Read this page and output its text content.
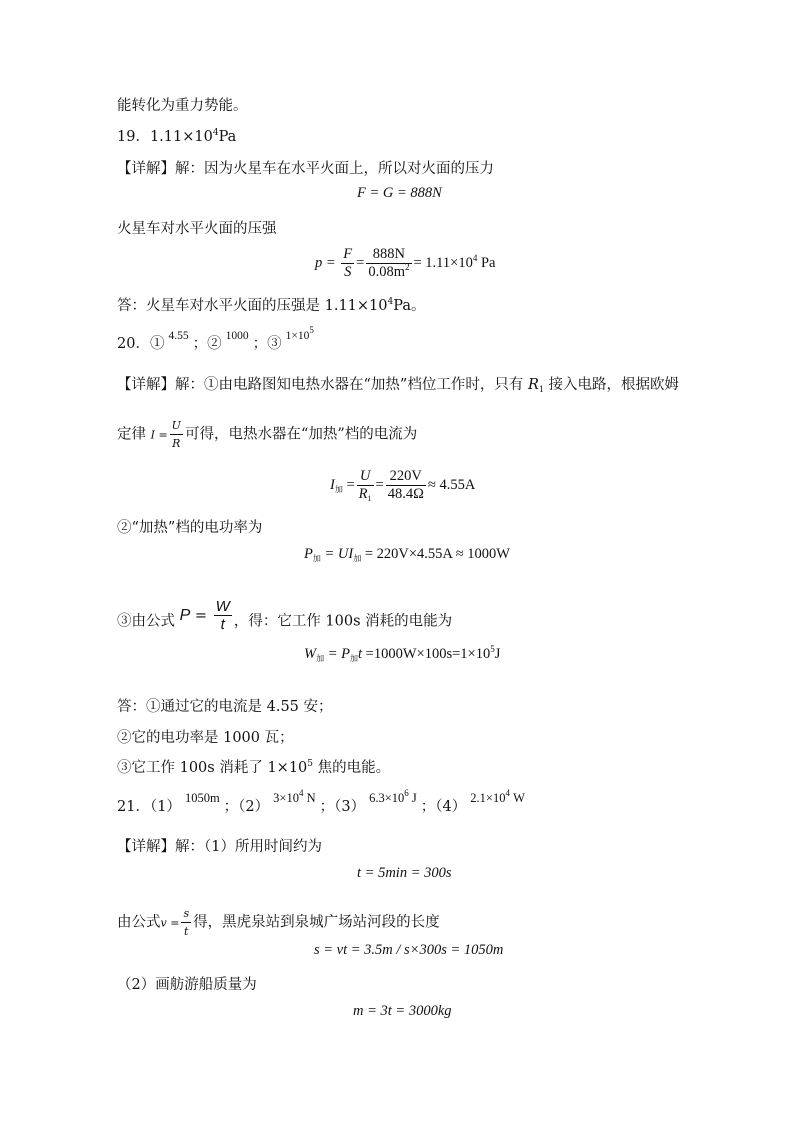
能转化为重力势能。
19．$1.11\times 10^4Pa$
【详解】解：因为火星车在水平火面上，所以对火面的压力
F = G = 888N
火星车对水平火面的压强
$p = \frac{F}{S} = \frac{888N}{0.08m^2} = 1.11\times 10^4$ Pa
答：火星车对水平火面的压强是 $1.11\times 10^4Pa$。
20．① $^{4.55}$ ；② $^{1000}$ ；③ $^{1\times 10^5}$
【详解】解：①由电路图知电热水器在“加热”档位工作时，只有 $R_1$ 接入电路，根据欧姆
定律 $I = \frac{U}{R}$ 可得，电热水器在“加热”档的电流为
$I_加 = \frac{U}{R_1} = \frac{220V}{48.4\Omega} \approx 4.55A$
②“加热”档的电功率为
$P_加 = UI_加 = 220V\times 4.55A \approx 1000W$
③由公式 $P = \frac{W}{t}$ ，得：它工作 100s 消耗的电能为
$W_加 = P_加t =1000W\times 100s=1\times 10^5J$
答：①通过它的电流是 4.55 安；
②它的电功率是 1000 瓦；
③它工作 100s 消耗了 $1\times 10^5$ 焦的电能。
21．（1）1050m；$(2)3\times 10^4$ N；$(3)6.3\times 10^6$ J；$(4)2.1\times 10^4$ W
【详解】解：（1）所用时间约为
t = 5min = 300s
由公式$v = \frac{s}{t}$ 得，黑虎泉站到泉城广场站河段的长度
s = vt = 3.5m / s×300s = 1050m
（2）画舫游船质量为
m = 3t = 3000kg
